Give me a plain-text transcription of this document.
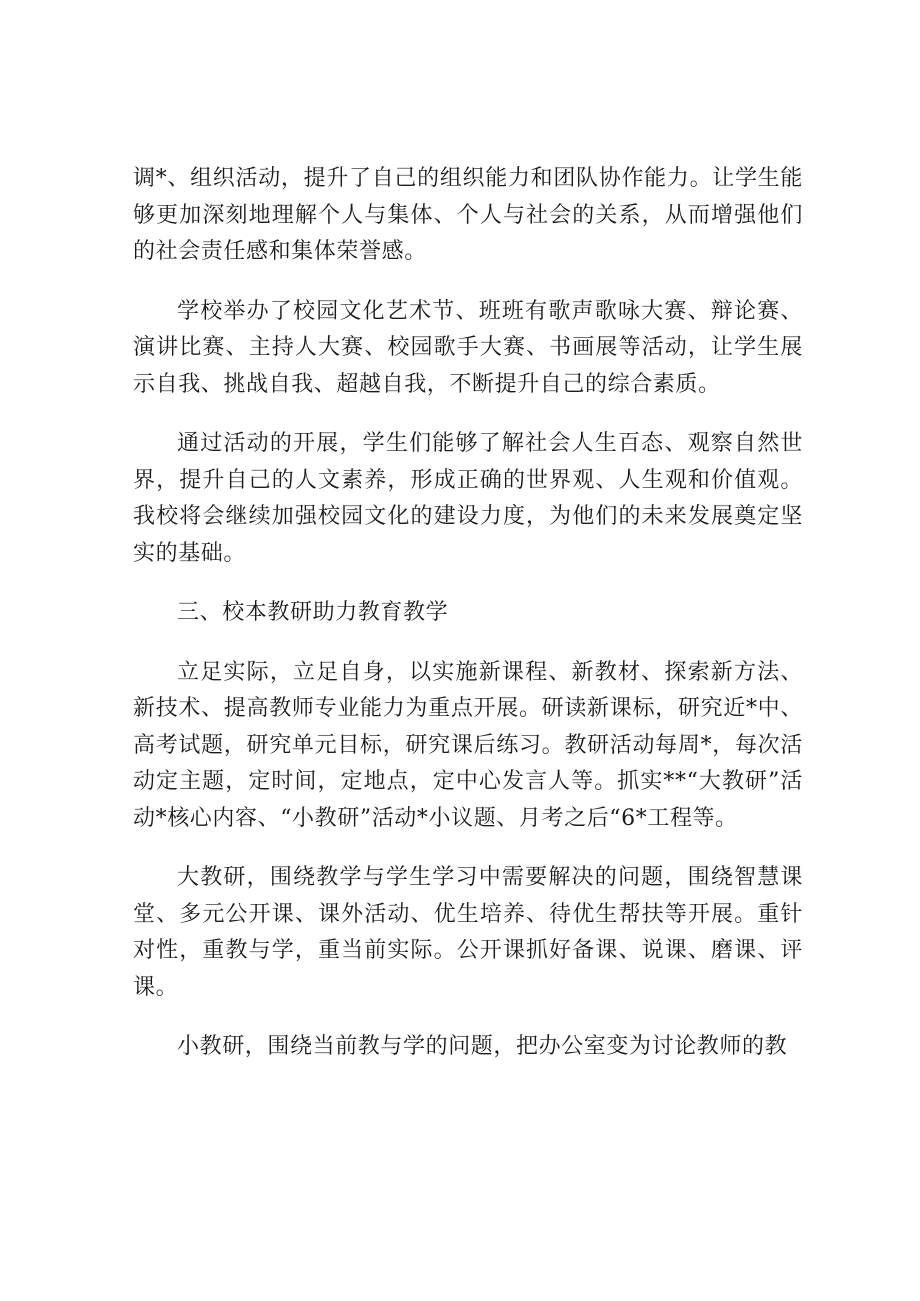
调*、组织活动，提升了自己的组织能力和团队协作能力。让学生能够更加深刻地理解个人与集体、个人与社会的关系，从而增强他们的社会责任感和集体荣誉感。

学校举办了校园文化艺术节、班班有歌声歌咏大赛、辩论赛、演讲比赛、主持人大赛、校园歌手大赛、书画展等活动，让学生展示自我、挑战自我、超越自我，不断提升自己的综合素质。

通过活动的开展，学生们能够了解社会人生百态、观察自然世界，提升自己的人文素养，形成正确的世界观、人生观和价值观。我校将会继续加强校园文化的建设力度，为他们的未来发展奠定坚实的基础。

三、校本教研助力教育教学

立足实际，立足自身，以实施新课程、新教材、探索新方法、新技术、提高教师专业能力为重点开展。研读新课标，研究近*中、高考试题，研究单元目标，研究课后练习。教研活动每周*，每次活动定主题，定时间，定地点，定中心发言人等。抓实**“大教研”活动*核心内容、“小教研”活动*小议题、月考之后“6*工程等。

大教研，围绕教学与学生学习中需要解决的问题，围绕智慧课堂、多元公开课、课外活动、优生培养、待优生帮扶等开展。重针对性，重教与学，重当前实际。公开课抓好备课、说课、磨课、评课。

小教研，围绕当前教与学的问题，把办公室变为讨论教师的教
